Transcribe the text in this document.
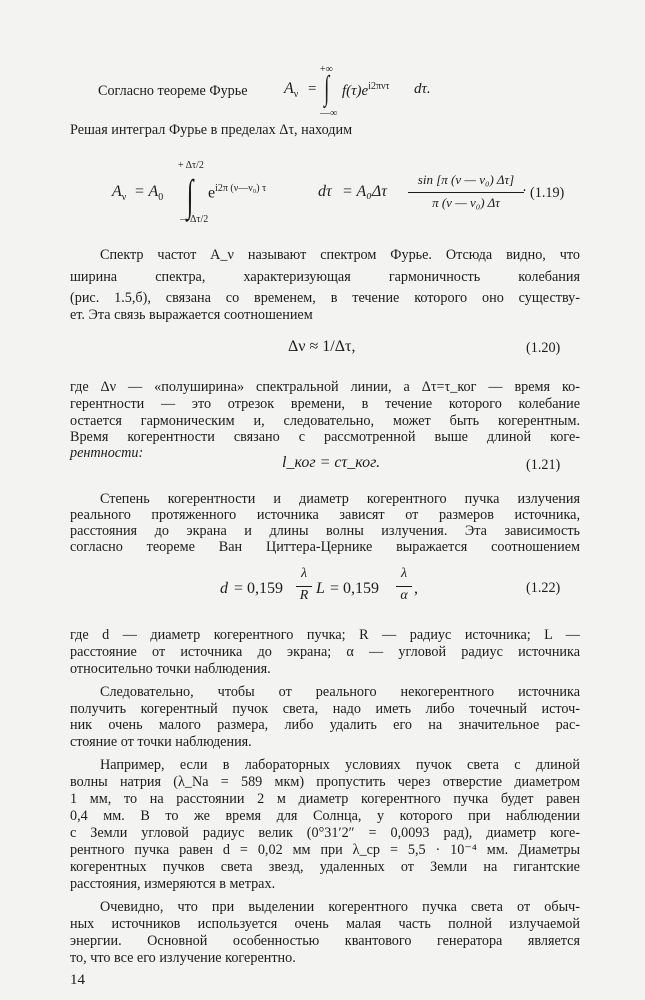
Согласно теореме Фурье $A_\nu$ =
+∞
∫
—∞
$f(\tau)e^{i2\pi\nu\tau}$ dτ.
Решая интеграл Фурье в пределах Δτ, находим
$A_\nu = A_0$
+ Δτ/2
∫
—Δτ/2
$e^{i2\pi (\nu—\nu_0) \tau}$	dτ = A₀Δτ
sin [π (ν — ν₀) Δτ]
π (ν — ν₀) Δτ
· (1.19)
Спектр частот A_ν называют спектром Фурье. Отсюда видно, что
ширина спектра, характеризующая гармоничность колебания
(рис. 1.5,б), связана со временем, в течение которого оно существу-
ет. Эта связь выражается соотношением
Δν ≈ 1/Δτ,	(1.20)
где Δν — «полуширина» спектральной линии, а Δτ=τ_ког — время ко-
герентности — это отрезок времени, в течение которого колебание
остается гармоническим и, следовательно, может быть когерентным.
Время когерентности связано с рассмотренной выше длиной коге-
рентности:
l_ког = cτ_ког.	(1.21)
Степень когерентности и диаметр когерентного пучка излучения
реального протяженного источника зависят от размеров источника,
расстояния до экрана и длины волны излучения. Эта зависимость
согласно теореме Ван Циттера-Цернике выражается соотношением
d = 0,159
λ
R L = 0,159
λ
α ,	(1.22)
где d — диаметр когерентного пучка; R — радиус источника; L —
расстояние от источника до экрана; α — угловой радиус источника
относительно точки наблюдения.
Следовательно, чтобы от реального некогерентного источника
получить когерентный пучок света, надо иметь либо точечный источ-
ник очень малого размера, либо удалить его на значительное рас-
стояние от точки наблюдения.
Например, если в лабораторных условиях пучок света с длиной
волны натрия (λ_Na = 589 мкм) пропустить через отверстие диаметром
1 мм, то на расстоянии 2 м диаметр когерентного пучка будет равен
0,4 мм. В то же время для Солнца, у которого при наблюдении
с Земли угловой радиус велик (0°31′2″ = 0,0093 рад), диаметр коге-
рентного пучка равен d = 0,02 мм при λ_ср = 5,5 · 10⁻⁴ мм. Диаметры
когерентных пучков света звезд, удаленных от Земли на гигантские
расстояния, измеряются в метрах.
Очевидно, что при выделении когерентного пучка света от обыч-
ных источников используется очень малая часть полной излучаемой
энергии. Основной особенностью квантового генератора является
то, что все его излучение когерентно.
14
